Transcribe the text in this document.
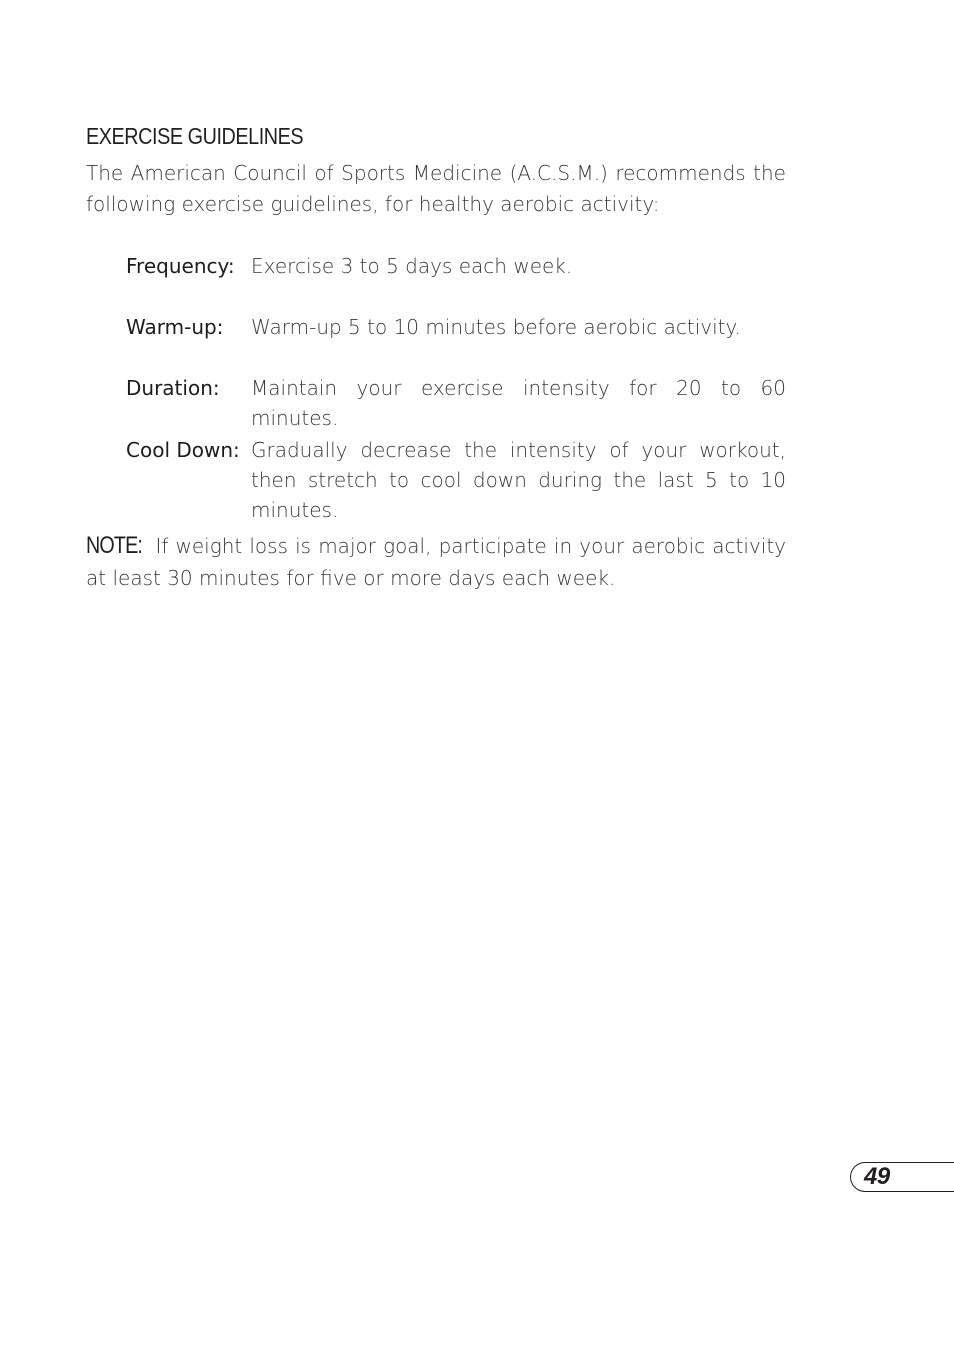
EXERCISE GUIDELINES

The American Council of Sports Medicine (A.C.S.M.) recommends the following exercise guidelines, for healthy aerobic activity:

Frequency: Exercise 3 to 5 days each week.
Warm-up:	Warm-up 5 to 10 minutes before aerobic activity.
Duration:	Maintain your exercise intensity for 20 to 60 minutes.
Cool Down: Gradually decrease the intensity of your workout, then stretch to cool down during the last 5 to 10 minutes.

NOTE: If weight loss is major goal, participate in your aerobic activity at least 30 minutes for five or more days each week.

49
